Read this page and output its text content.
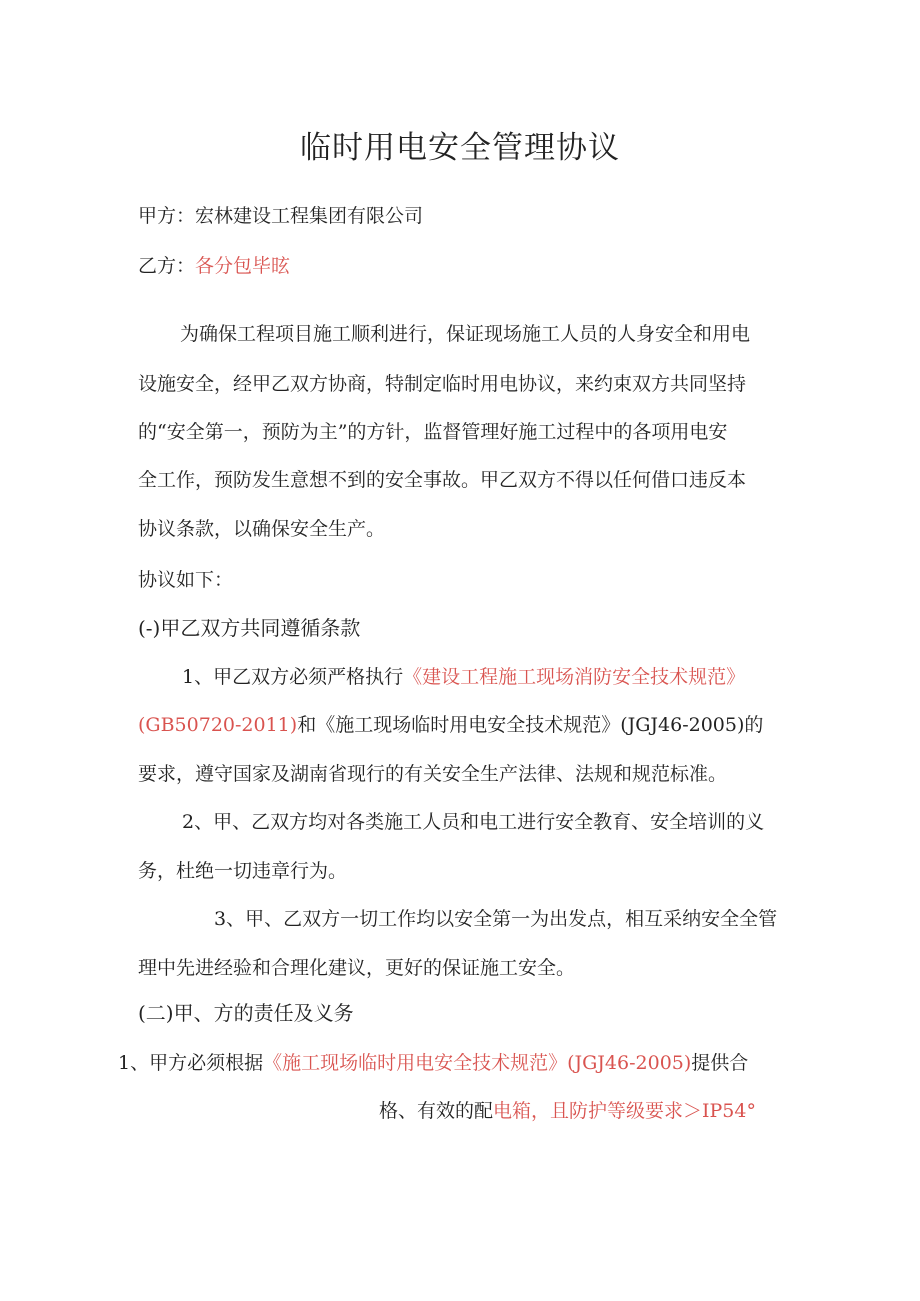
临时用电安全管理协议
甲方：宏林建设工程集团有限公司
乙方：各分包毕昡
为确保工程项目施工顺利进行，保证现场施工人员的人身安全和用电
设施安全，经甲乙双方协商，特制定临时用电协议，来约束双方共同坚持
的“安全第一，预防为主”的方针，监督管理好施工过程中的各项用电安
全工作，预防发生意想不到的安全事故。甲乙双方不得以任何借口违反本
协议条款，以确保安全生产。
协议如下：
(-)甲乙双方共同遵循条款
1、甲乙双方必须严格执行《建设工程施工现场消防安全技术规范》
(GB50720-2011)和《施工现场临时用电安全技术规范》(JGJ46-2005)的
要求，遵守国家及湖南省现行的有关安全生产法律、法规和规范标准。
2、甲、乙双方均对各类施工人员和电工进行安全教育、安全培训的义
务，杜绝一切违章行为。
3、甲、乙双方一切工作均以安全第一为出发点，相互采纳安全全管
理中先进经验和合理化建议，更好的保证施工安全。
(二)甲、方的责任及义务
1、甲方必须根据《施工现场临时用电安全技术规范》(JGJ46-2005)提供合
格、有效的配电箱，且防护等级要求＞IP54°
